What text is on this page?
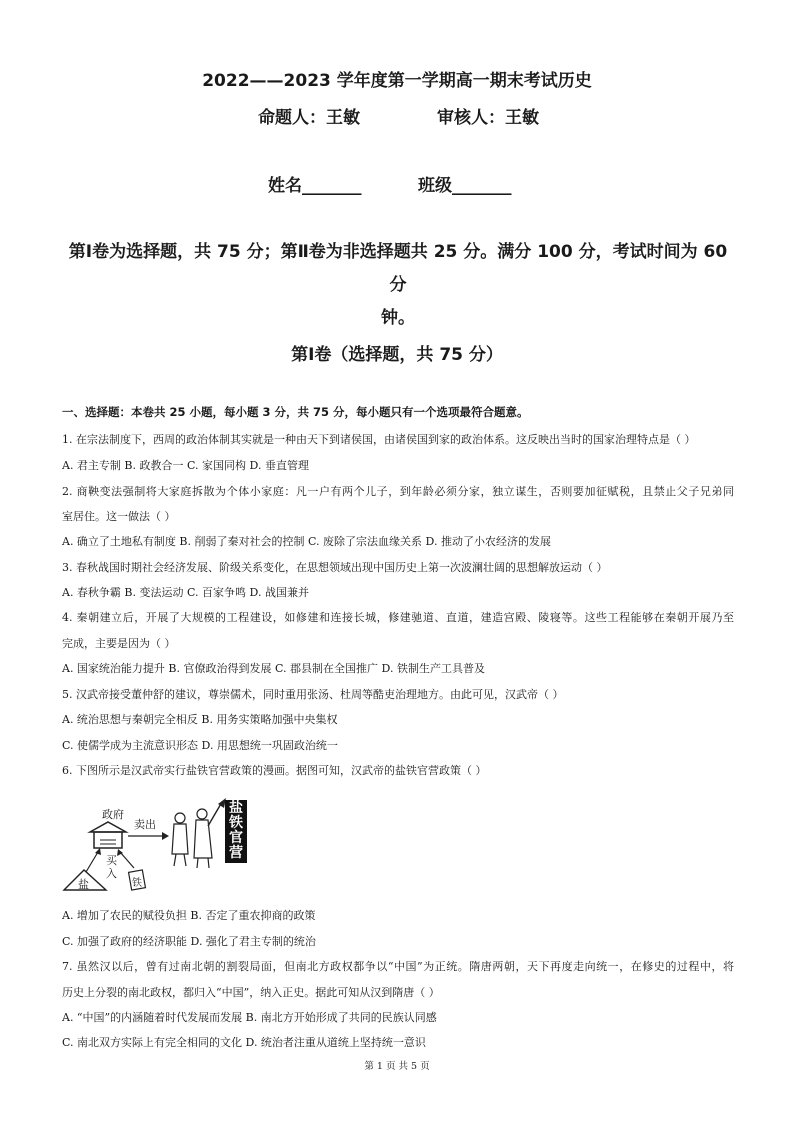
2022——2023 学年度第一学期高一期末考试历史
命题人：王敏	审核人：王敏
姓名_______	班级_______
第Ⅰ卷为选择题，共 75 分；第Ⅱ卷为非选择题共 25 分。满分 100 分，考试时间为 60 分
钟。
第Ⅰ卷（选择题，共 75 分）
一、选择题：本卷共 25 小题，每小题 3 分，共 75 分，每小题只有一个选项最符合题意。
1. 在宗法制度下，西周的政治体制其实就是一种由天下到诸侯国，由诸侯国到家的政治体系。这反映出当时的国家治理特点是（ ）
A. 君主专制 B. 政教合一 C. 家国同构 D. 垂直管理
2. 商鞅变法强制将大家庭拆散为个体小家庭：凡一户有两个儿子，到年龄必须分家，独立谋生，否则要加征赋税，且禁止父子兄弟同
室居住。这一做法（ ）
A. 确立了土地私有制度 B. 削弱了秦对社会的控制 C. 废除了宗法血缘关系 D. 推动了小农经济的发展
3. 春秋战国时期社会经济发展、阶级关系变化，在思想领域出现中国历史上第一次波澜壮阔的思想解放运动（ ）
A. 春秋争霸 B. 变法运动 C. 百家争鸣 D. 战国兼并
4. 秦朝建立后，开展了大规模的工程建设，如修建和连接长城，修建驰道、直道，建造宫殿、陵寝等。这些工程能够在秦朝开展乃至
完成，主要是因为（ ）
A. 国家统治能力提升 B. 官僚政治得到发展 C. 郡县制在全国推广 D. 铁制生产工具普及
5. 汉武帝接受董仲舒的建议，尊崇儒术，同时重用张汤、杜周等酷吏治理地方。由此可见，汉武帝（ ）
A. 统治思想与秦朝完全相反 B. 用务实策略加强中央集权
C. 使儒学成为主流意识形态 D. 用思想统一巩固政治统一
6. 下图所示是汉武帝实行盐铁官营政策的漫画。据图可知，汉武帝的盐铁官营政策（ ）
政府
卖出
买
入
盐	铁
盐
铁
官
营
A. 增加了农民的赋役负担 B. 否定了重农抑商的政策
C. 加强了政府的经济职能 D. 强化了君主专制的统治
7. 虽然汉以后，曾有过南北朝的割裂局面，但南北方政权都争以“中国”为正统。隋唐两朝，天下再度走向统一，在修史的过程中，将
历史上分裂的南北政权，都归入“中国”，纳入正史。据此可知从汉到隋唐（ ）
A. “中国”的内涵随着时代发展而发展 B. 南北方开始形成了共同的民族认同感
C. 南北双方实际上有完全相同的文化 D. 统治者注重从道统上坚持统一意识
第 1 页 共 5 页
